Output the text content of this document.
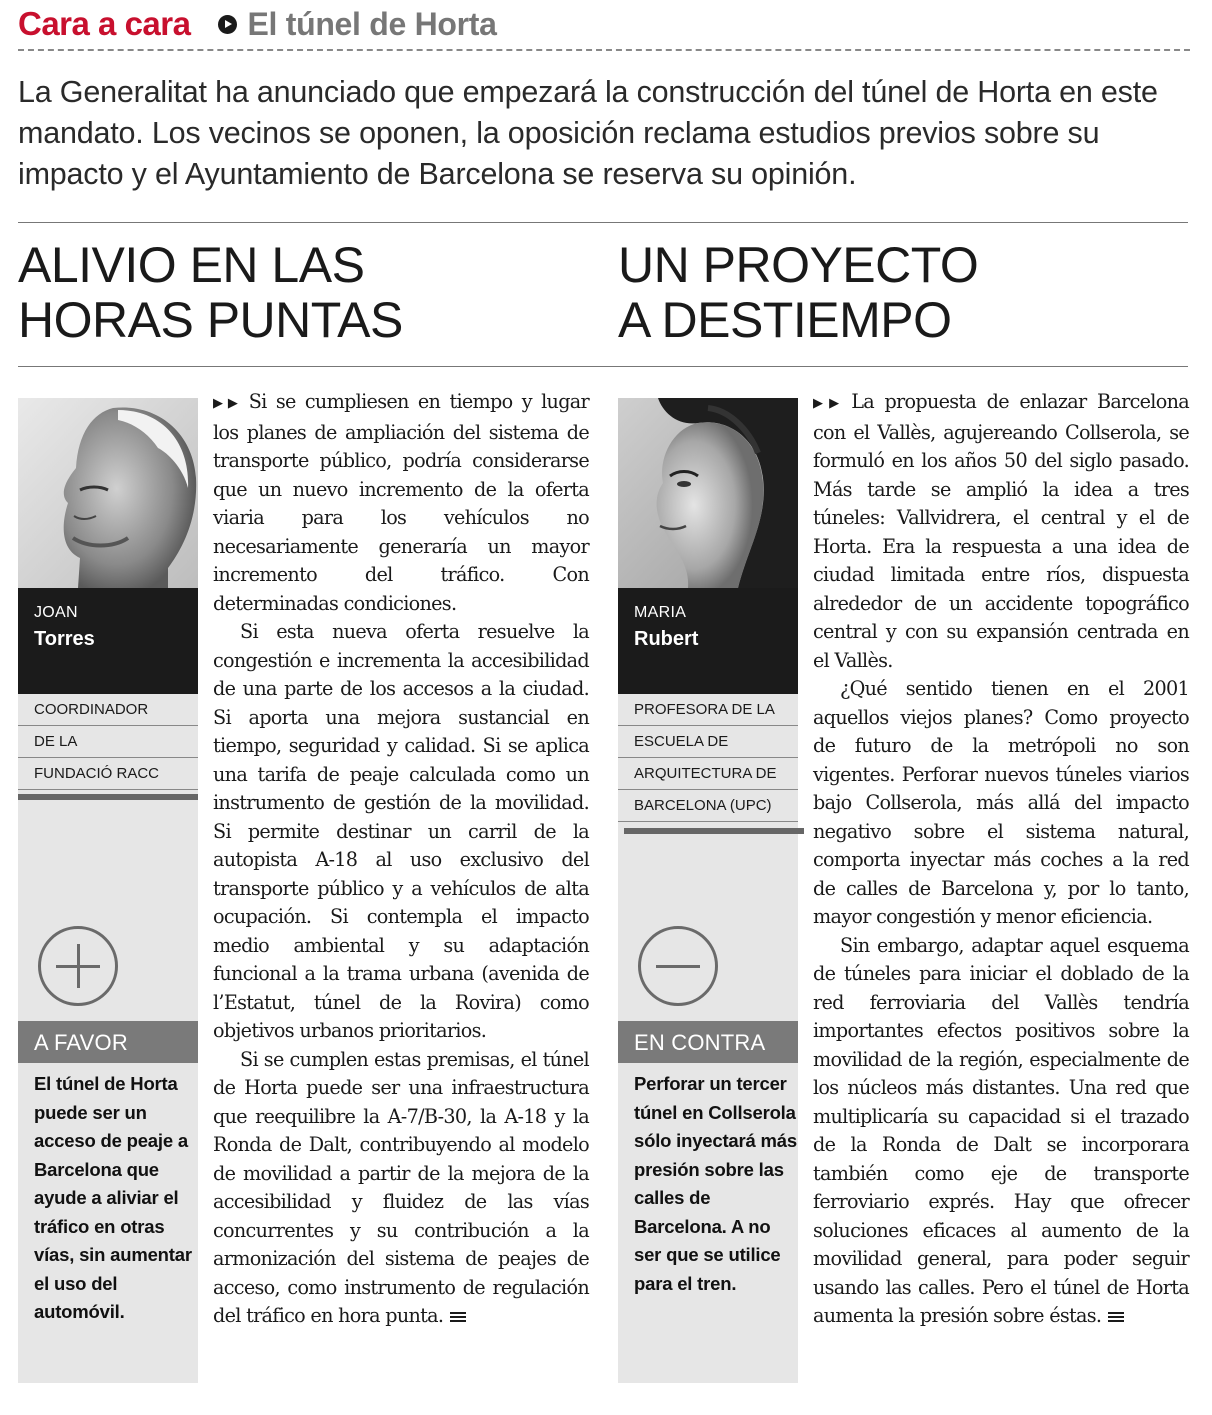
Cara a cara El túnel de Horta

La Generalitat ha anunciado que empezará la construcción del túnel de Horta en este mandato. Los vecinos se oponen, la oposición reclama estudios previos sobre su impacto y el Ayuntamiento de Barcelona se reserva su opinión.

ALIVIO EN LAS
HORAS PUNTAS
UN PROYECTO
A DESTIEMPO
JOAN
Torres
COORDINADOR
DE LA
FUNDACIÓ RACC
A FAVOR

El túnel de Horta puede ser un acceso de peaje a Barcelona que ayude a aliviar el tráfico en otras vías, sin aumentar el uso del automóvil.

▶▶ Si se cumpliesen en tiempo y lugar los planes de ampliación del sistema de transporte público, podría considerarse que un nuevo incremento de la oferta viaria para los vehículos no necesariamente generaría un mayor incremento del tráfico. Con determinadas condiciones.

Si esta nueva oferta resuelve la congestión e incrementa la accesibilidad de una parte de los accesos a la ciudad. Si aporta una mejora sustancial en tiempo, seguridad y calidad. Si se aplica una tarifa de peaje calculada como un instrumento de gestión de la movilidad. Si permite destinar un carril de la autopista A-18 al uso exclusivo del transporte público y a vehículos de alta ocupación. Si contempla el impacto medio ambiental y su adaptación funcional a la trama urbana (avenida de l’Estatut, túnel de la Rovira) como objetivos urbanos prioritarios.

Si se cumplen estas premisas, el túnel de Horta puede ser una infraestructura que reequilibre la A-7/B-30, la A-18 y la Ronda de Dalt, contribuyendo al modelo de movilidad a partir de la mejora de la accesibilidad y fluidez de las vías concurrentes y su contribución a la armonización del sistema de peajes de acceso, como instrumento de regulación del tráfico en hora punta.

MARIA
Rubert
PROFESORA DE LA
ESCUELA DE
ARQUITECTURA DE
BARCELONA (UPC)
EN CONTRA

Perforar un tercer túnel en Collserola sólo inyectará más presión sobre las calles de Barcelona. A no ser que se utilice para el tren.

▶▶ La propuesta de enlazar Barcelona con el Vallès, agujereando Collserola, se formuló en los años 50 del siglo pasado. Más tarde se amplió la idea a tres túneles: Vallvidrera, el central y el de Horta. Era la respuesta a una idea de ciudad limitada entre ríos, dispuesta alrededor de un accidente topográfico central y con su expansión centrada en el Vallès.

¿Qué sentido tienen en el 2001 aquellos viejos planes? Como proyecto de futuro de la metrópoli no son vigentes. Perforar nuevos túneles viarios bajo Collserola, más allá del impacto negativo sobre el sistema natural, comporta inyectar más coches a la red de calles de Barcelona y, por lo tanto, mayor congestión y menor eficiencia.

Sin embargo, adaptar aquel esquema de túneles para iniciar el doblado de la red ferroviaria del Vallès tendría importantes efectos positivos sobre la movilidad de la región, especialmente de los núcleos más distantes. Una red que multiplicaría su capacidad si el trazado de la Ronda de Dalt se incorporara también como eje de transporte ferroviario exprés. Hay que ofrecer soluciones eficaces al aumento de la movilidad general, para poder seguir usando las calles. Pero el túnel de Horta aumenta la presión sobre éstas.
